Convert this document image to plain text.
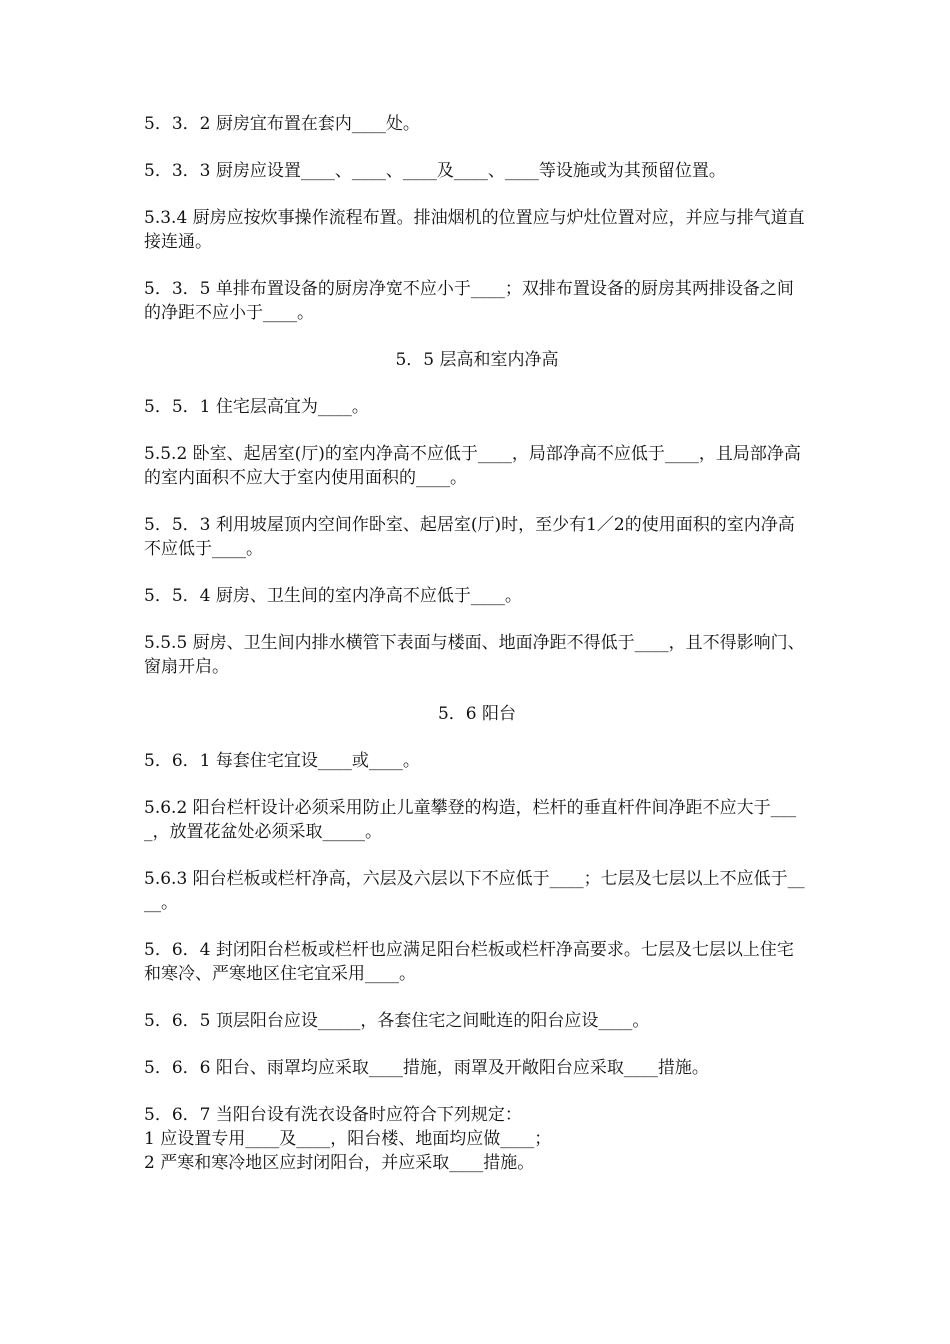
5．3．2 厨房宜布置在套内____处。

5．3．3 厨房应设置____、____、____及____、____等设施或为其预留位置。

5.3.4 厨房应按炊事操作流程布置。排油烟机的位置应与炉灶位置对应，并应与排气道直接连通。

5．3．5 单排布置设备的厨房净宽不应小于____；双排布置设备的厨房其两排设备之间的净距不应小于____。

5．5 层高和室内净高

5．5．1 住宅层高宜为____。

5.5.2 卧室、起居室(厅)的室内净高不应低于____，局部净高不应低于____，且局部净高的室内面积不应大于室内使用面积的____。

5．5．3 利用坡屋顶内空间作卧室、起居室(厅)时，至少有1／2的使用面积的室内净高不应低于____。

5．5．4 厨房、卫生间的室内净高不应低于____。

5.5.5 厨房、卫生间内排水横管下表面与楼面、地面净距不得低于____，且不得影响门、窗扇开启。

5．6 阳台

5．6．1 每套住宅宜设____或____。

5.6.2 阳台栏杆设计必须采用防止儿童攀登的构造，栏杆的垂直杆件间净距不应大于____，放置花盆处必须采取_____。

5.6.3 阳台栏板或栏杆净高，六层及六层以下不应低于____；七层及七层以上不应低于____。

5．6．4 封闭阳台栏板或栏杆也应满足阳台栏板或栏杆净高要求。七层及七层以上住宅和寒冷、严寒地区住宅宜采用____。

5．6．5 顶层阳台应设_____，各套住宅之间毗连的阳台应设____。

5．6．6 阳台、雨罩均应采取____措施，雨罩及开敞阳台应采取____措施。

5．6．7 当阳台设有洗衣设备时应符合下列规定：

1 应设置专用____及____，阳台楼、地面均应做____；

2 严寒和寒冷地区应封闭阳台，并应采取____措施。
